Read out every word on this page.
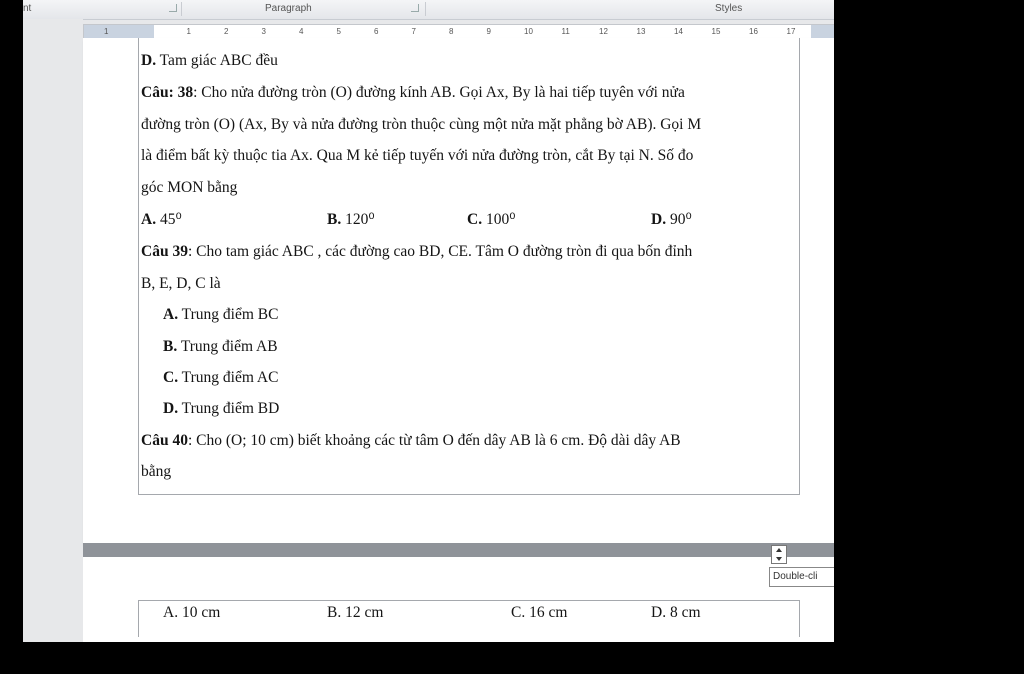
nt	Paragraph	Styles
1	1	2	3	4	5	6	7	8	9	10	11	12	13	14	15	16	17
D. Tam giác ABC đều
Câu: 38: Cho nửa đường tròn (O) đường kính AB. Gọi Ax, By là hai tiếp tuyên với nửa
đường tròn (O) (Ax, By và nửa đường tròn thuộc cùng một nửa mặt phẳng bờ AB). Gọi M
là điểm bất kỳ thuộc tia Ax. Qua M kẻ tiếp tuyến với nửa đường tròn, cắt By tại N. Số đo
góc MON bằng
A. 45⁰	B. 120⁰	C. 100⁰	D. 90⁰
Câu 39: Cho tam giác ABC , các đường cao BD, CE. Tâm O đường tròn đi qua bốn đỉnh
B, E, D, C là
A. Trung điểm BC
B. Trung điểm AB
C. Trung điểm AC
D. Trung điểm BD
Câu 40: Cho (O; 10 cm) biết khoảng các từ tâm O đến dây AB là 6 cm. Độ dài dây AB
bằng
A. 10 cm	B. 12 cm	C. 16 cm	D. 8 cm
Double-cli
